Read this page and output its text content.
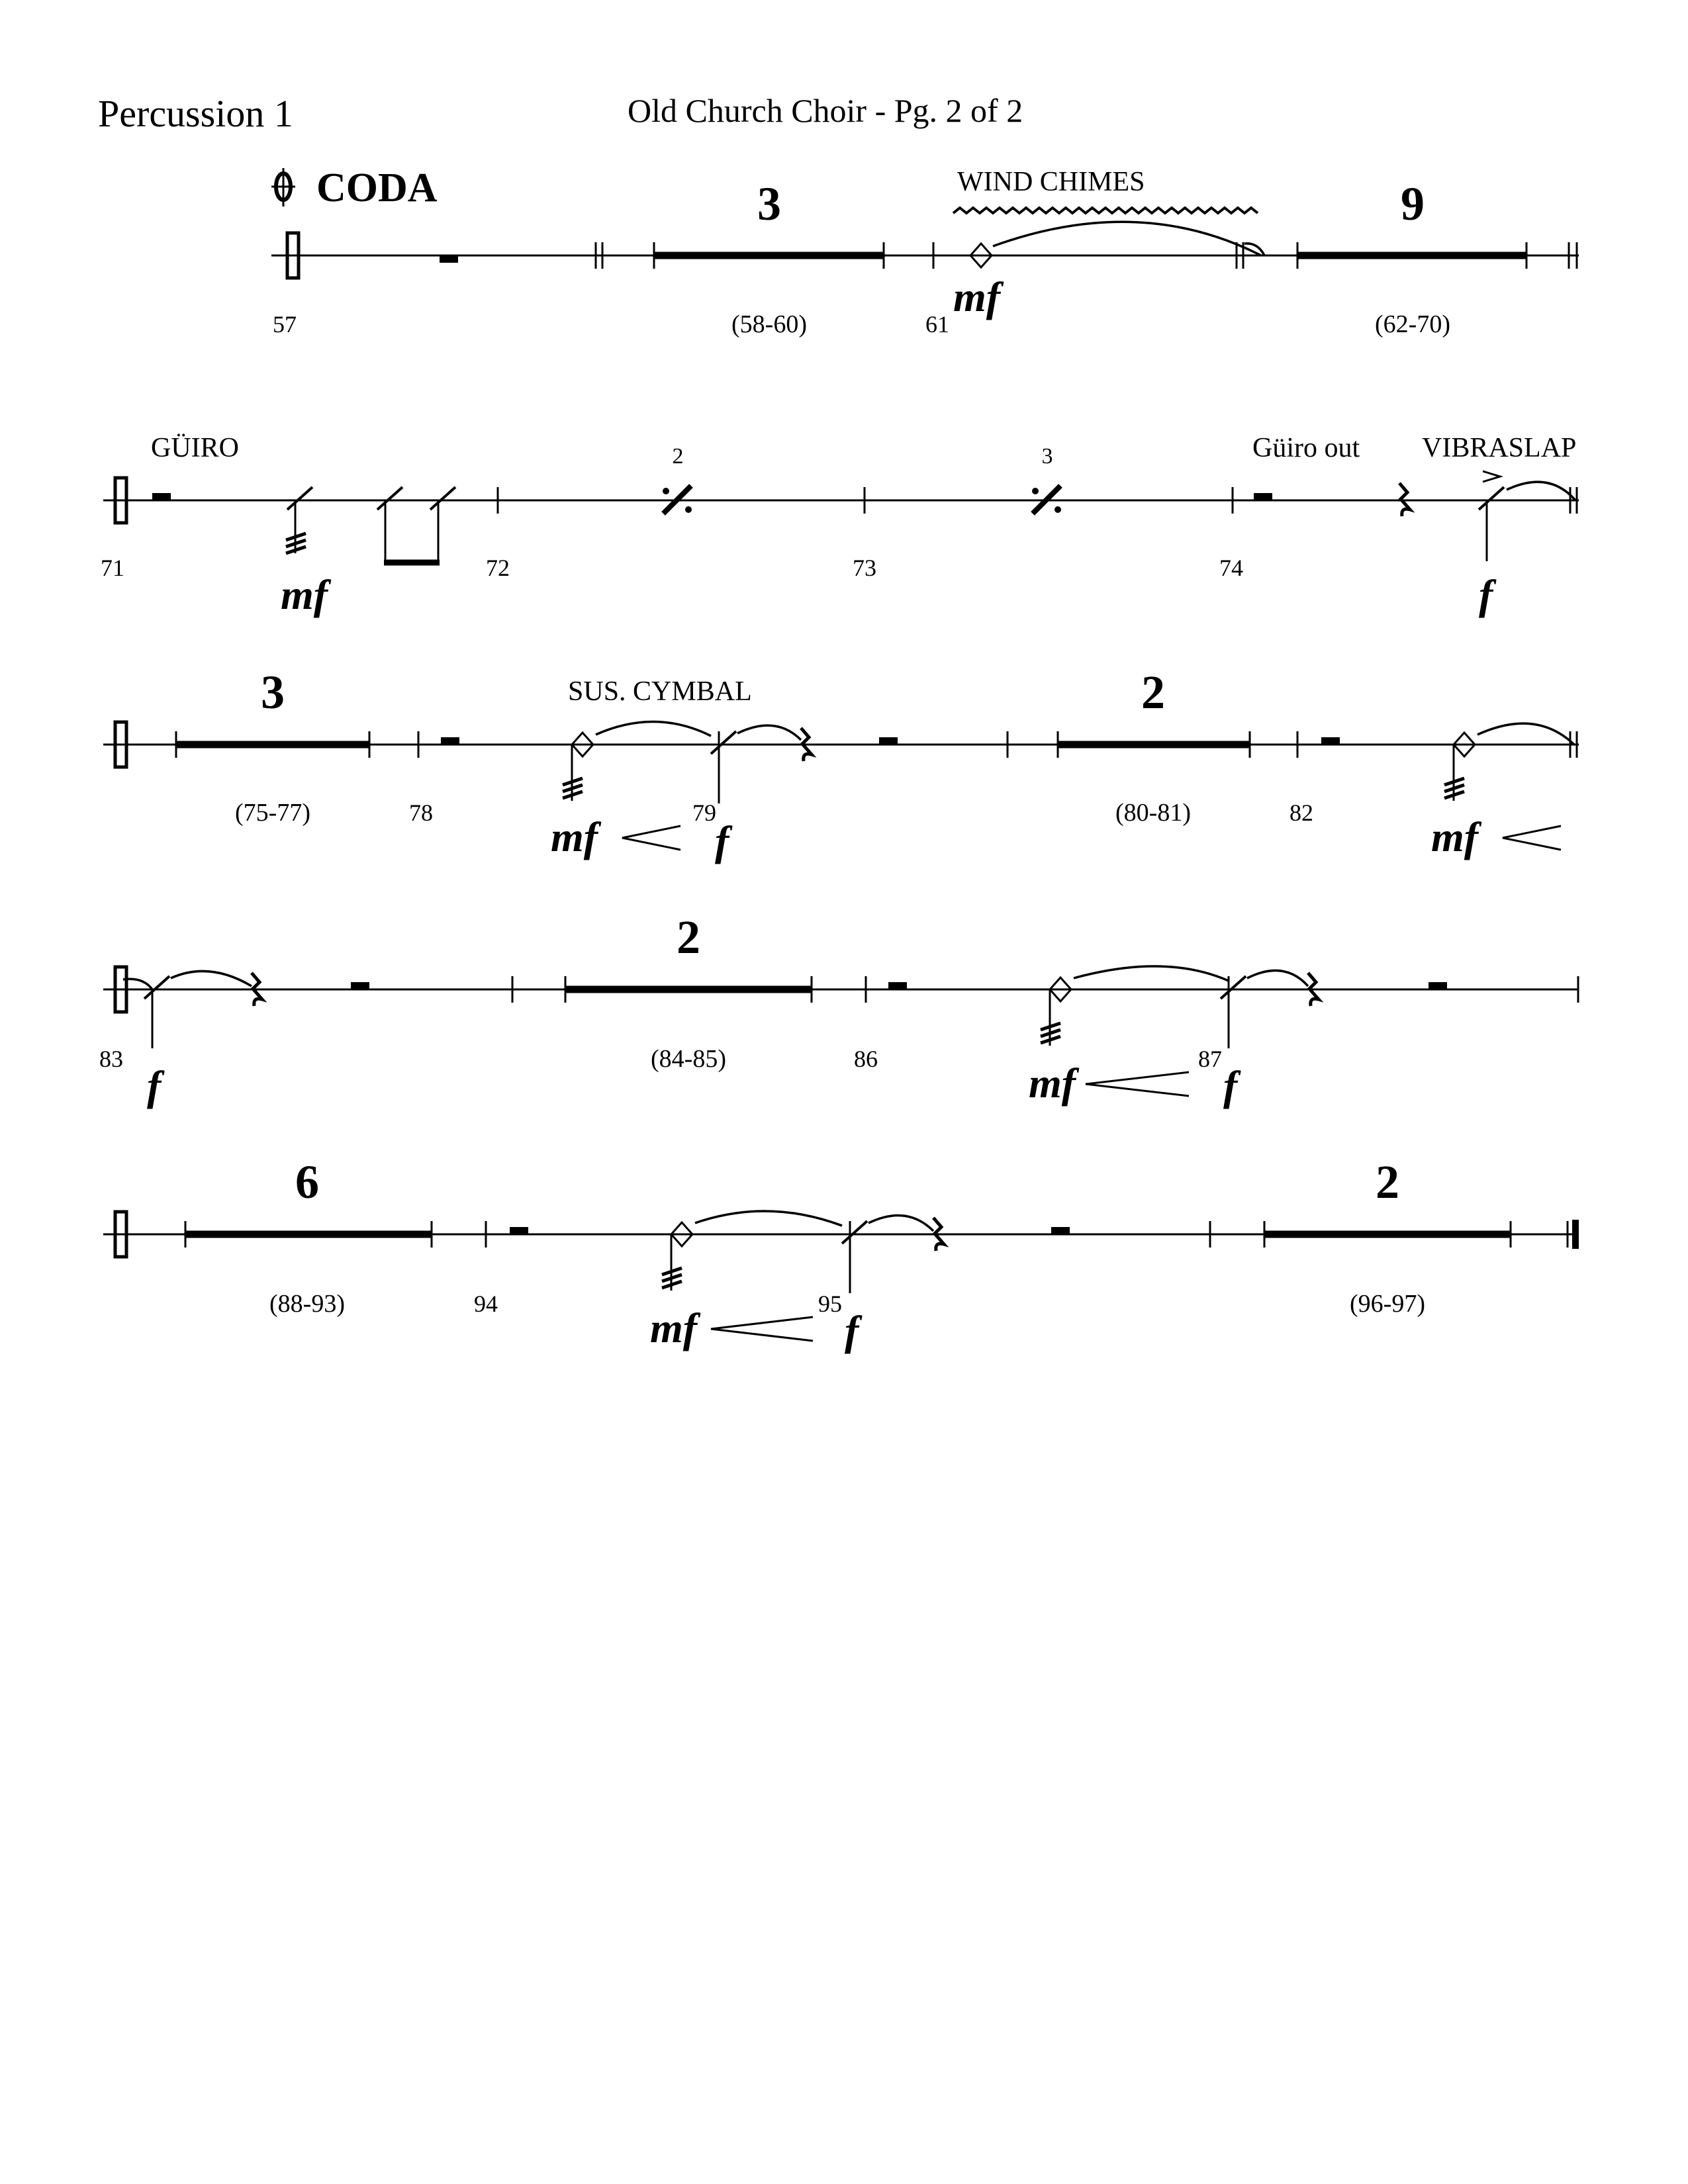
Percussion 1	Old Church Choir - Pg. 2 of 2
CODA	3
(58-60)
WIND CHIMES
mf
9
(62-70)
57	61
GÜIRO
mf
2	3	Güiro out VIBRASLAP
f
71	72	73	74
3
(75-77)
SUS. CYMBAL
mf	f
2
(80-81)
mf
78	79	82
f
2
(84-85)
mf	f
83	86	87
6
(88-93)
mf	f
2
(96-97)
94	95
